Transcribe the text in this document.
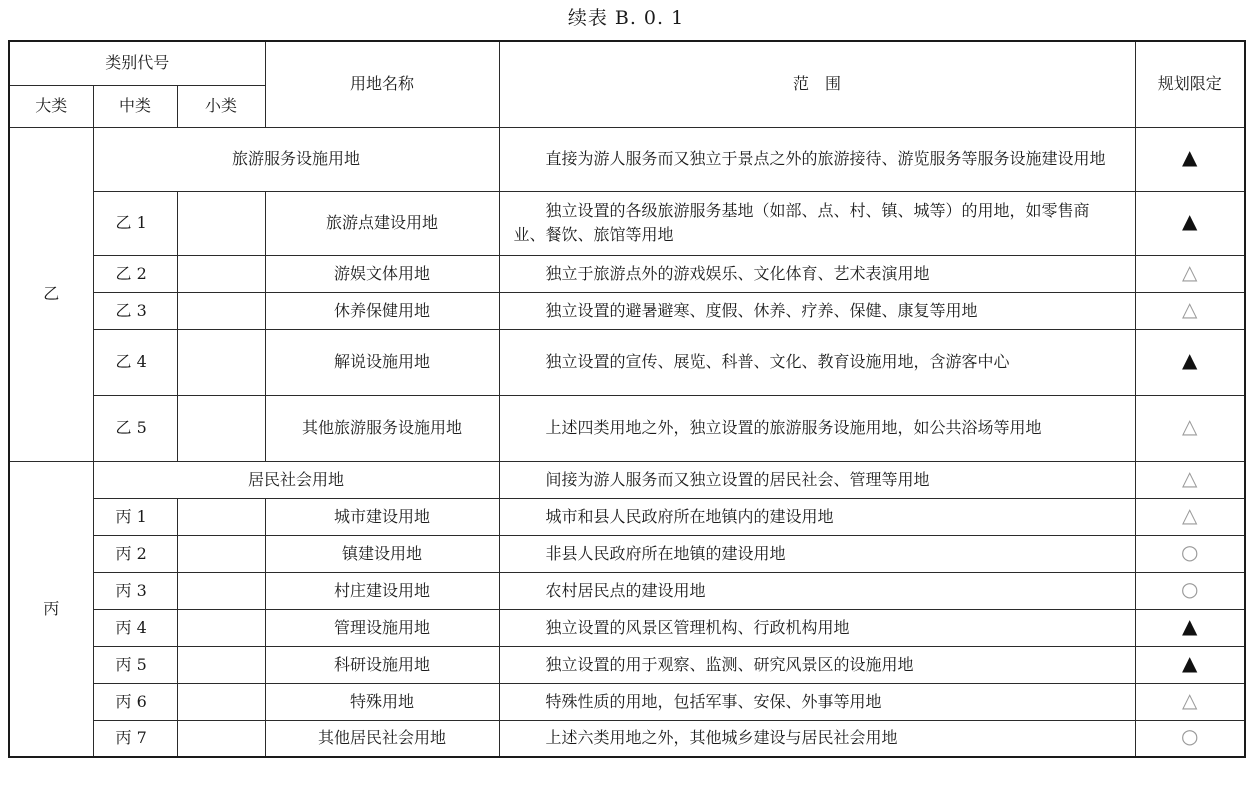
续表 B. 0. 1
类别代号			用地名称	范　围	规划限定
大类	中类	小类			
乙	旅游服务设施用地			直接为游人服务而又独立于景点之外的旅游接待、游览服务等服务设施建设用地	▲
	乙 1		旅游点建设用地	独立设置的各级旅游服务基地（如部、点、村、镇、城等）的用地，如零售商业、餐饮、旅馆等用地	▲
	乙 2		游娱文体用地	独立于旅游点外的游戏娱乐、文化体育、艺术表演用地	△
	乙 3		休养保健用地	独立设置的避暑避寒、度假、休养、疗养、保健、康复等用地	△
	乙 4		解说设施用地	独立设置的宣传、展览、科普、文化、教育设施用地，含游客中心	▲
	乙 5		其他旅游服务设施用地	上述四类用地之外，独立设置的旅游服务设施用地，如公共浴场等用地	△
丙	居民社会用地			间接为游人服务而又独立设置的居民社会、管理等用地	△
	丙 1		城市建设用地	城市和县人民政府所在地镇内的建设用地	△
	丙 2		镇建设用地	非县人民政府所在地镇的建设用地	○
	丙 3		村庄建设用地	农村居民点的建设用地	○
	丙 4		管理设施用地	独立设置的风景区管理机构、行政机构用地	▲
	丙 5		科研设施用地	独立设置的用于观察、监测、研究风景区的设施用地	▲
	丙 6		特殊用地	特殊性质的用地，包括军事、安保、外事等用地	△
	丙 7		其他居民社会用地	上述六类用地之外，其他城乡建设与居民社会用地	○
